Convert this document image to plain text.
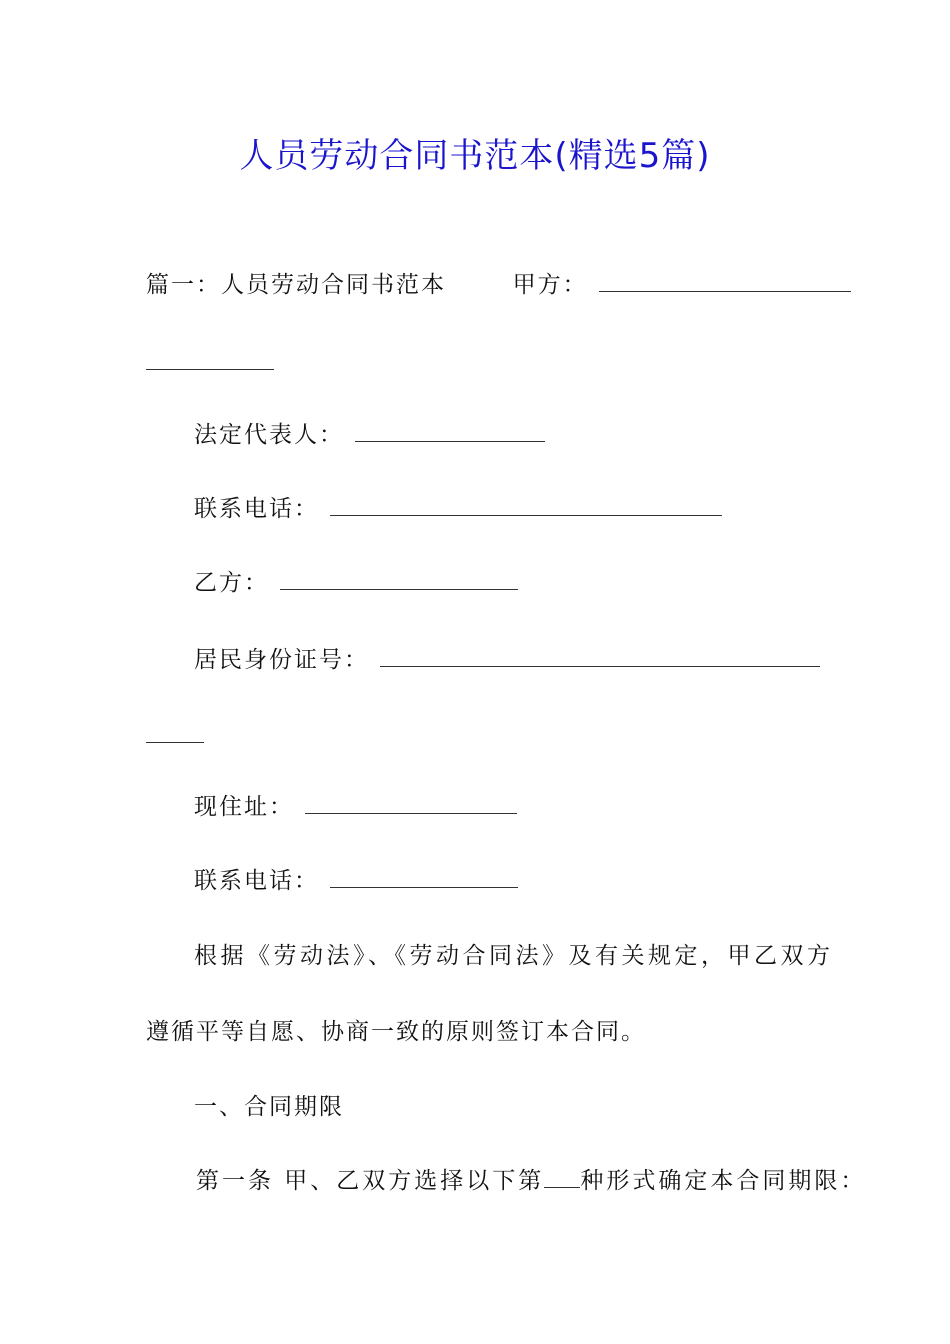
人员劳动合同书范本(精选5篇)
篇一：人员劳动合同书范本	甲方：
法定代表人：
联系电话：
乙方：
居民身份证号：
现住址：
联系电话：
根据《劳动法》、《劳动合同法》及有关规定，甲乙双方
遵循平等自愿、协商一致的原则签订本合同。
一、合同期限
第一条 甲、乙双方选择以下第 种形式确定本合同期限：
